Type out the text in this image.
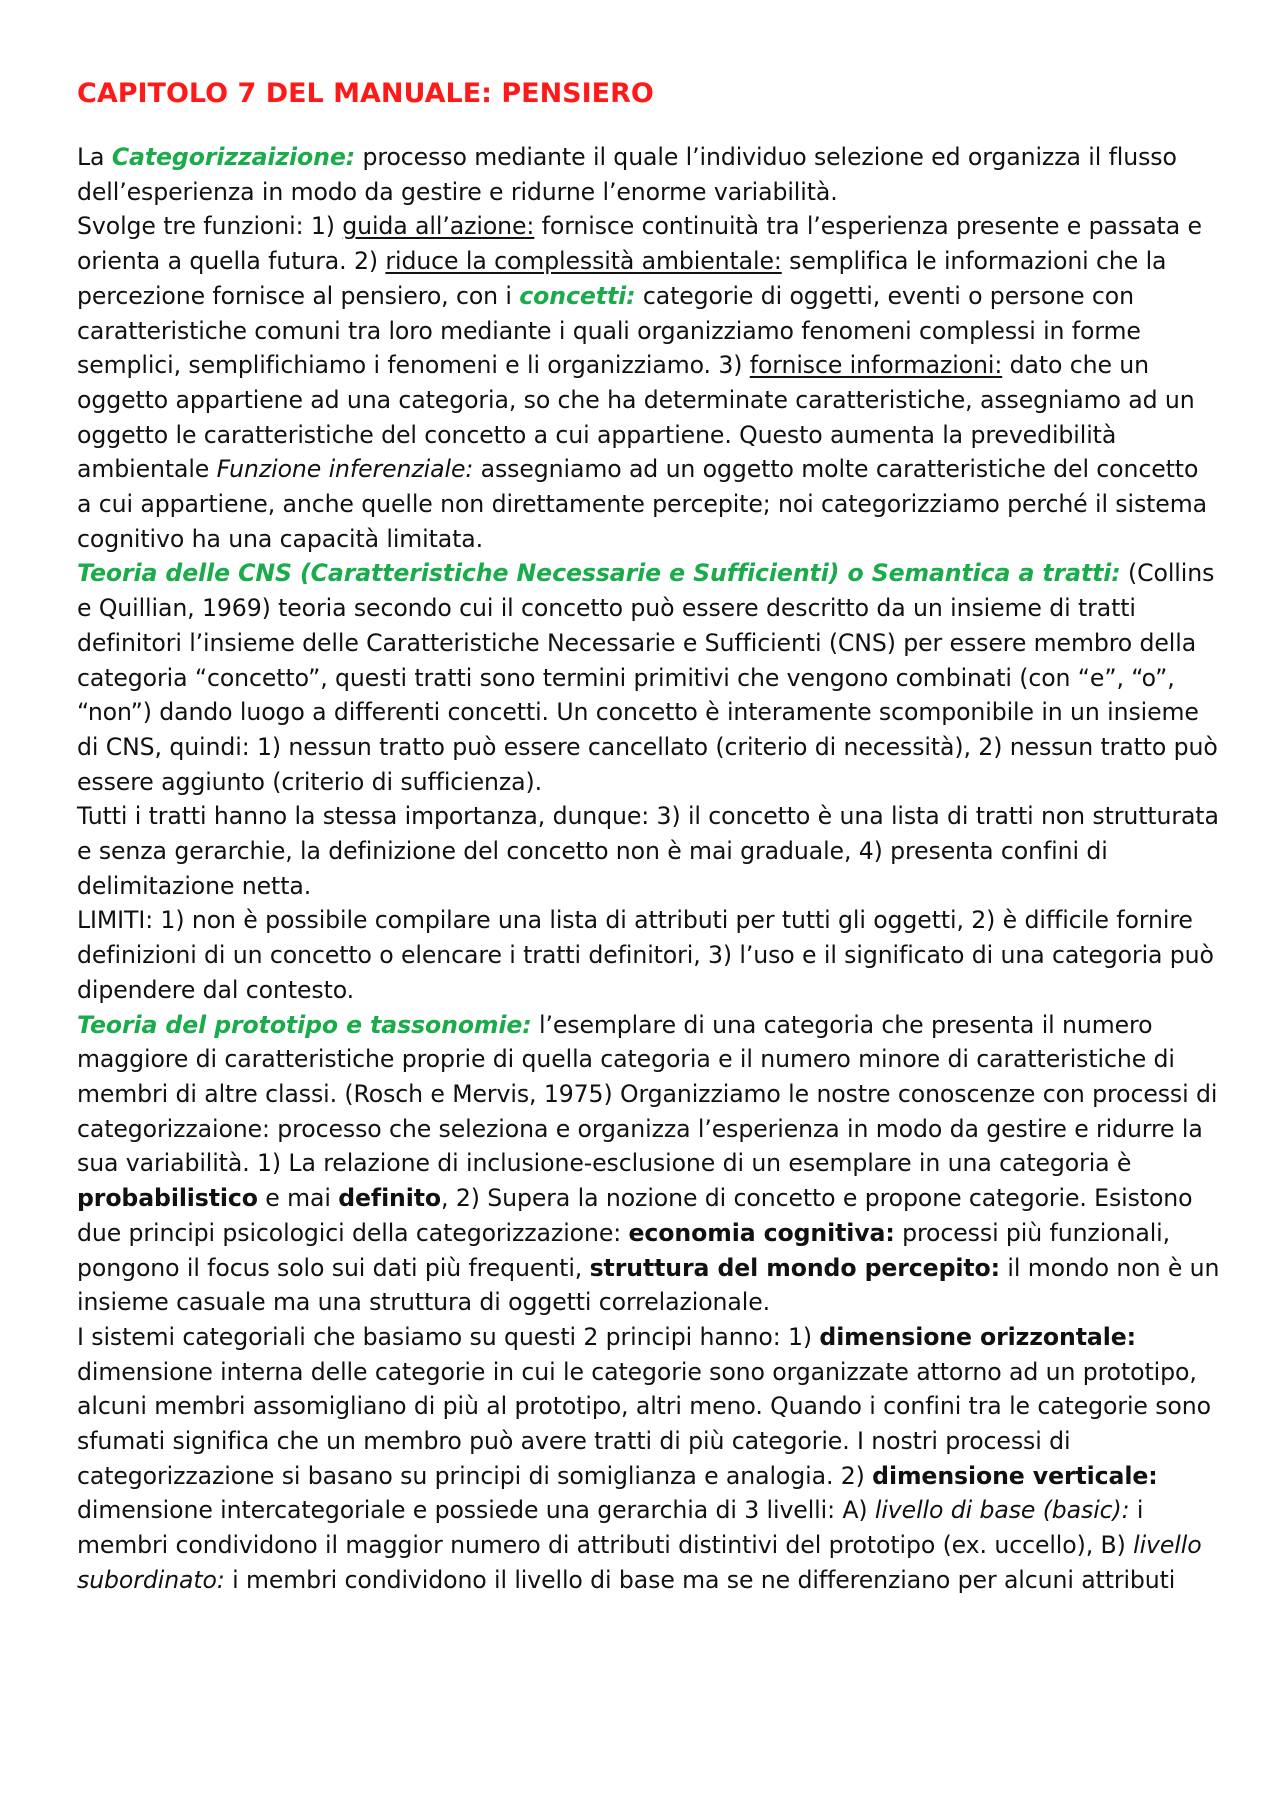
CAPITOLO 7 DEL MANUALE: PENSIERO

La Categorizzaizione: processo mediante il quale l’individuo selezione ed organizza il flusso dell’esperienza in modo da gestire e ridurne l’enorme variabilità.

Svolge tre funzioni: 1) guida all’azione: fornisce continuità tra l’esperienza presente e passata e orienta a quella futura. 2) riduce la complessità ambientale: semplifica le informazioni che la percezione fornisce al pensiero, con i concetti: categorie di oggetti, eventi o persone con caratteristiche comuni tra loro mediante i quali organizziamo fenomeni complessi in forme semplici, semplifichiamo i fenomeni e li organizziamo. 3) fornisce informazioni: dato che un oggetto appartiene ad una categoria, so che ha determinate caratteristiche, assegniamo ad un oggetto le caratteristiche del concetto a cui appartiene. Questo aumenta la prevedibilità ambientale Funzione inferenziale: assegniamo ad un oggetto molte caratteristiche del concetto a cui appartiene, anche quelle non direttamente percepite; noi categorizziamo perché il sistema cognitivo ha una capacità limitata.

Teoria delle CNS (Caratteristiche Necessarie e Sufficienti) o Semantica a tratti: (Collins e Quillian, 1969) teoria secondo cui il concetto può essere descritto da un insieme di tratti definitori l’insieme delle Caratteristiche Necessarie e Sufficienti (CNS) per essere membro della categoria “concetto”, questi tratti sono termini primitivi che vengono combinati (con “e”, “o”, “non”) dando luogo a differenti concetti. Un concetto è interamente scomponibile in un insieme di CNS, quindi: 1) nessun tratto può essere cancellato (criterio di necessità), 2) nessun tratto può essere aggiunto (criterio di sufficienza).

Tutti i tratti hanno la stessa importanza, dunque: 3) il concetto è una lista di tratti non strutturata e senza gerarchie, la definizione del concetto non è mai graduale, 4) presenta confini di delimitazione netta.

LIMITI: 1) non è possibile compilare una lista di attributi per tutti gli oggetti, 2) è difficile fornire definizioni di un concetto o elencare i tratti definitori, 3) l’uso e il significato di una categoria può dipendere dal contesto.

Teoria del prototipo e tassonomie: l’esemplare di una categoria che presenta il numero maggiore di caratteristiche proprie di quella categoria e il numero minore di caratteristiche di membri di altre classi. (Rosch e Mervis, 1975) Organizziamo le nostre conoscenze con processi di categorizzaione: processo che seleziona e organizza l’esperienza in modo da gestire e ridurre la sua variabilità. 1) La relazione di inclusione-esclusione di un esemplare in una categoria è probabilistico e mai definito, 2) Supera la nozione di concetto e propone categorie. Esistono due principi psicologici della categorizzazione: economia cognitiva: processi più funzionali, pongono il focus solo sui dati più frequenti, struttura del mondo percepito: il mondo non è un insieme casuale ma una struttura di oggetti correlazionale.

I sistemi categoriali che basiamo su questi 2 principi hanno: 1) dimensione orizzontale: dimensione interna delle categorie in cui le categorie sono organizzate attorno ad un prototipo, alcuni membri assomigliano di più al prototipo, altri meno. Quando i confini tra le categorie sono sfumati significa che un membro può avere tratti di più categorie. I nostri processi di categorizzazione si basano su principi di somiglianza e analogia. 2) dimensione verticale: dimensione intercategoriale e possiede una gerarchia di 3 livelli: A) livello di base (basic): i membri condividono il maggior numero di attributi distintivi del prototipo (ex. uccello), B) livello subordinato: i membri condividono il livello di base ma se ne differenziano per alcuni attributi
